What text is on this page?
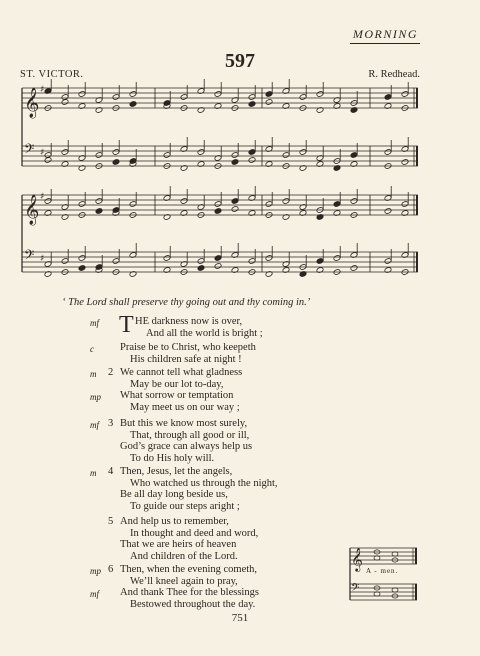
MORNING
597
ST. VICTOR.	R. Redhead.
𝄞 ♯
𝄢 ♯
𝄞 ♯
𝄢 ♯
‘ The Lord shall preserve thy going out and thy coming in.’
mf T HE darkness now is over,
And all the world is bright ;
c Praise be to Christ, who keepeth
His children safe at night !
m 2 We cannot tell what gladness
May be our lot to-day,
mp What sorrow or temptation
May meet us on our way ;
mf 3 But this we know most surely,
That, through all good or ill,
God’s grace can always help us
To do His holy will.
m 4 Then, Jesus, let the angels,
Who watched us through the night,
Be all day long beside us,
To guide our steps aright ;
5 And help us to remember,
In thought and deed and word,
That we are heirs of heaven
And children of the Lord.
mp 6 Then, when the evening cometh,
We’ll kneel again to pray,
mf And thank Thee for the blessings
Bestowed throughout the day.
𝄞
𝄢
A - men.
751
